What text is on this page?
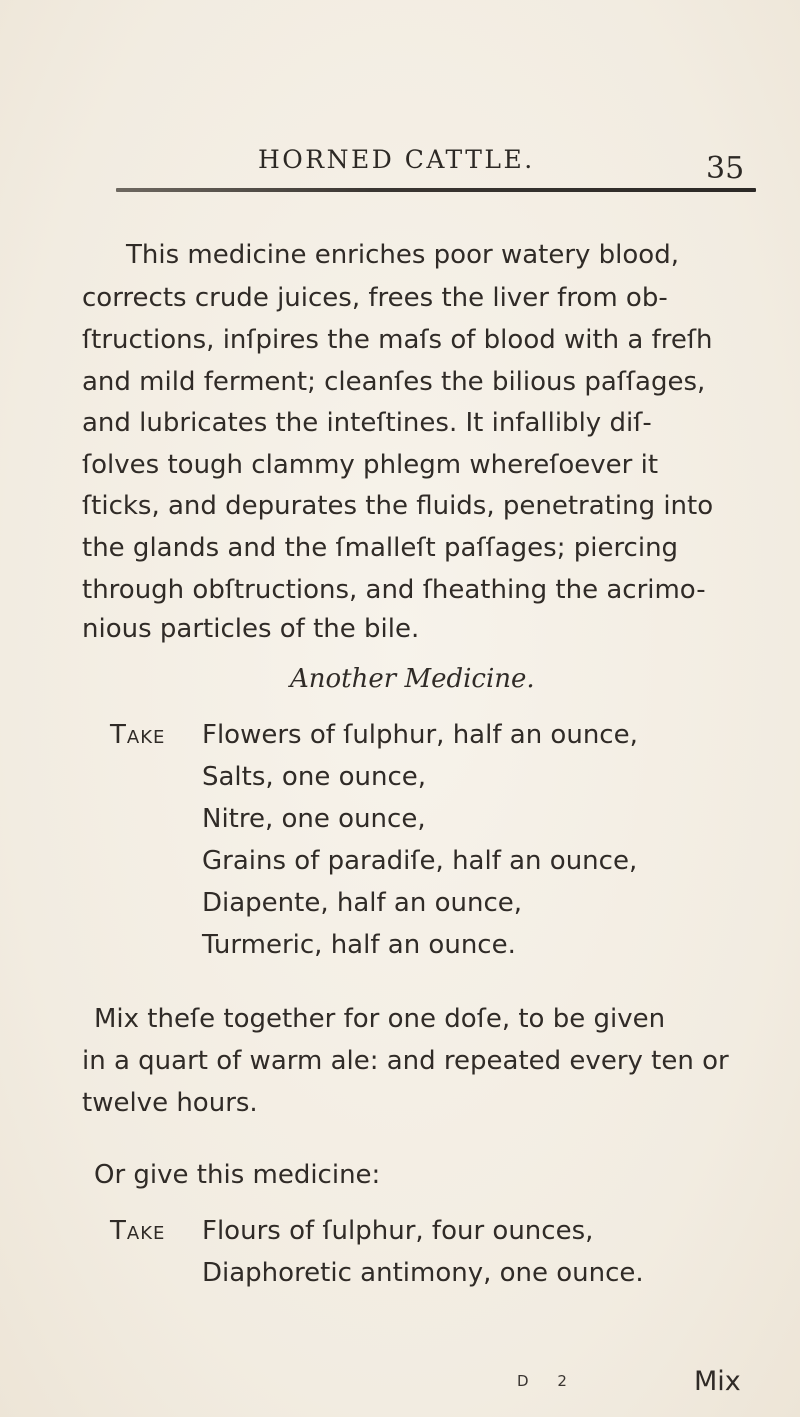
HORNED CATTLE.	35
This medicine enriches poor watery blood,
corrects crude juices, frees the liver from ob-
ſtructions, inſpires the maſs of blood with a freſh
and mild ferment; cleanſes the bilious paſſages,
and lubricates the inteſtines. It infallibly diſ-
ſolves tough clammy phlegm whereſoever it
ſticks, and depurates the fluids, penetrating into
the glands and the ſmalleſt paſſages; piercing
through obſtructions, and ſheathing the acrimo-
nious particles of the bile.
Another Medicine.
Take Flowers of ſulphur, half an ounce,
Salts, one ounce,
Nitre, one ounce,
Grains of paradiſe, half an ounce,
Diapente, half an ounce,
Turmeric, half an ounce.
Mix theſe together for one doſe, to be given
in a quart of warm ale: and repeated every ten or
twelve hours.
Or give this medicine:
Take Flours of ſulphur, four ounces,
Diaphoretic antimony, one ounce.
D 2	Mix
